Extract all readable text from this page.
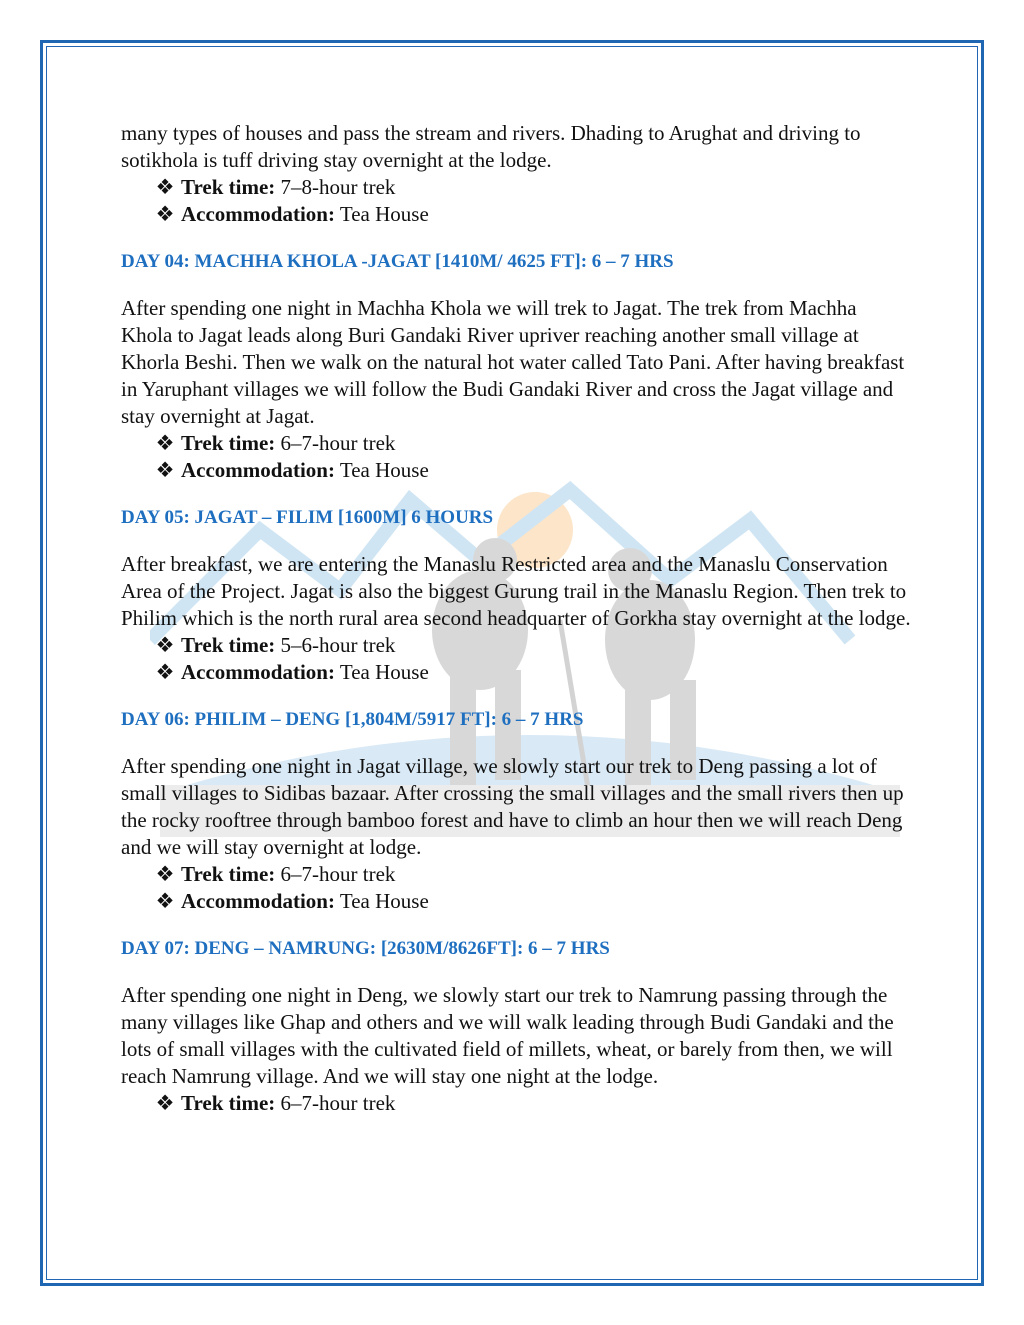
many types of houses and pass the stream and rivers. Dhading to Arughat and driving to sotikhola is tuff driving stay overnight at the lodge.

❖ Trek time: 7–8-hour trek
❖ Accommodation: Tea House
DAY 04: MACHHA KHOLA -JAGAT [1410M/ 4625 FT]: 6 – 7 HRS

After spending one night in Machha Khola we will trek to Jagat. The trek from Machha Khola to Jagat leads along Buri Gandaki River upriver reaching another small village at Khorla Beshi. Then we walk on the natural hot water called Tato Pani. After having breakfast in Yaruphant villages we will follow the Budi Gandaki River and cross the Jagat village and stay overnight at Jagat.

❖ Trek time: 6–7-hour trek
❖ Accommodation: Tea House
DAY 05: JAGAT – FILIM [1600M] 6 HOURS

After breakfast, we are entering the Manaslu Restricted area and the Manaslu Conservation Area of the Project. Jagat is also the biggest Gurung trail in the Manaslu Region. Then trek to Philim which is the north rural area second headquarter of Gorkha stay overnight at the lodge.

❖ Trek time: 5–6-hour trek
❖ Accommodation: Tea House
DAY 06: PHILIM – DENG [1,804M/5917 FT]: 6 – 7 HRS

After spending one night in Jagat village, we slowly start our trek to Deng passing a lot of small villages to Sidibas bazaar. After crossing the small villages and the small rivers then up the rocky rooftree through bamboo forest and have to climb an hour then we will reach Deng and we will stay overnight at lodge.

❖ Trek time: 6–7-hour trek
❖ Accommodation: Tea House
DAY 07: DENG – NAMRUNG: [2630M/8626FT]: 6 – 7 HRS

After spending one night in Deng, we slowly start our trek to Namrung passing through the many villages like Ghap and others and we will walk leading through Budi Gandaki and the lots of small villages with the cultivated field of millets, wheat, or barely from then, we will reach Namrung village. And we will stay one night at the lodge.

❖ Trek time: 6–7-hour trek
